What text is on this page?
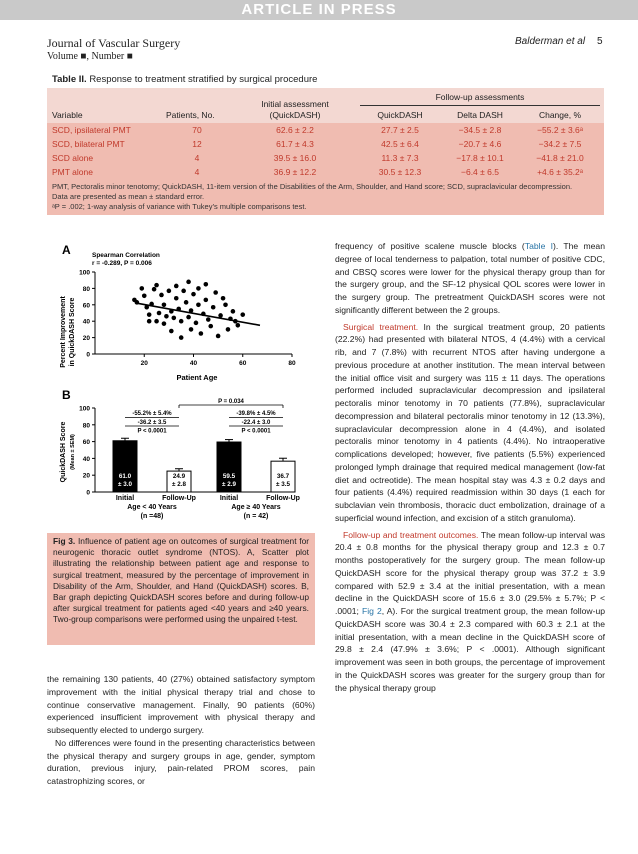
ARTICLE IN PRESS
Journal of Vascular Surgery
Volume ■, Number ■
Balderman et al 5
Table II. Response to treatment stratified by surgical procedure
Variable	Patients, No.
Initial assessment
(QuickDASH)
Follow-up assessments
QuickDASH	Delta DASH	Change, %
SCD, ipsilateral PMT	70	62.6 ± 2.2	27.7 ± 2.5	−34.5 ± 2.8	−55.2 ± 3.6ᵃ
SCD, bilateral PMT	12	61.7 ± 4.3	42.5 ± 6.4	−20.7 ± 4.6	−34.2 ± 7.5
SCD alone	4	39.5 ± 16.0	11.3 ± 7.3	−17.8 ± 10.1	−41.8 ± 21.0
PMT alone	4	36.9 ± 12.2	30.5 ± 12.3	−6.4 ± 6.5	+4.6 ± 35.2ᵃ
PMT, Pectoralis minor tenotomy; QuickDASH, 11-item version of the Disabilities of the Arm, Shoulder, and Hand score; SCD, supraclavicular decompression.
Data are presented as mean ± standard error.
ᵃP = .002; 1-way analysis of variance with Tukey’s multiple comparisons test.
A	Spearman Correlation
r = -0.289, P = 0.006
Percent Improvement in QuickDASH Score 0
20
40
60
80
100
20	40	60	80
Patient Age
B
QuickDASH Score (Mean ± SEM)
0
20
40
60
80
100
61.0
± 3.0
Initial
24.9
± 2.8
Follow-Up
59.5
± 2.9
Initial
36.7
± 3.5
Follow-Up
Age < 40 Years
(n =48)
-55.2% ± 5.4%
-36.2 ± 3.5
P < 0.0001
Age ≥ 40 Years
(n = 42)
-39.8% ± 4.5%
-22.4 ± 3.0
P < 0.0001
P = 0.034

Fig 3. Influence of patient age on outcomes of surgical treatment for neurogenic thoracic outlet syndrome (NTOS). A, Scatter plot illustrating the relationship between patient age and response to surgical treatment, measured by the percentage of improvement in Disability of the Arm, Shoulder, and Hand (QuickDASH) scores. B, Bar graph depicting QuickDASH scores before and during follow-up after surgical treatment for patients aged <40 years and ≥40 years. Two-group comparisons were performed using the unpaired t-test.

the remaining 130 patients, 40 (27%) obtained satisfactory symptom improvement with the initial physical therapy trial and chose to continue conservative management. Finally, 90 patients (60%) experienced insufficient improvement with physical therapy and subsequently elected to undergo surgery.

No differences were found in the presenting characteristics between the physical therapy and surgery groups in age, gender, symptom duration, previous injury, pain-related PROM scores, pain catastrophizing scores, or

frequency of positive scalene muscle blocks (Table I). The mean degree of local tenderness to palpation, total number of positive CDC, and CBSQ scores were lower for the physical therapy group than for the surgery group, and the SF-12 physical QOL scores were lower in the surgery group. The pretreatment QuickDASH scores were not significantly different between the 2 groups.

Surgical treatment. In the surgical treatment group, 20 patients (22.2%) had presented with bilateral NTOS, 4 (4.4%) with a cervical rib, and 7 (7.8%) with recurrent NTOS after having undergone a previous procedure at another institution. The mean interval between the initial office visit and surgery was 115 ± 11 days. The operations performed included supraclavicular decompression and ipsilateral pectoralis minor tenotomy in 70 patients (77.8%), supraclavicular decompression and bilateral pectoralis minor tenotomy in 12 (13.3%), supraclavicular decompression alone in 4 (4.4%), and isolated pectoralis minor tenotomy in 4 patients (4.4%). No intraoperative complications developed; however, five patients (5.5%) experienced prolonged lymph drainage that required medical management (low-fat diet and octreotide). The mean hospital stay was 4.3 ± 0.2 days and four patients (4.4%) required readmission within 30 days (1 each for subclavian vein thrombosis, thoracic duct embolization, drainage of a superficial wound infection, and excision of a stitch granuloma).

Follow-up and treatment outcomes. The mean follow-up interval was 20.4 ± 0.8 months for the physical therapy group and 12.3 ± 0.7 months postoperatively for the surgery group. The mean follow-up QuickDASH score for the physical therapy group was 37.2 ± 3.9 compared with 52.9 ± 3.4 at the initial presentation, with a mean decline in the QuickDASH score of 15.6 ± 3.0 (29.5% ± 5.7%; P < .0001; Fig 2, A). For the surgical treatment group, the mean follow-up QuickDASH score was 30.4 ± 2.3 compared with 60.3 ± 2.1 at the initial presentation, with a mean decline in the QuickDASH score of 29.8 ± 2.4 (47.9% ± 3.6%; P < .0001). Although significant improvement was seen in both groups, the percentage of improvement in the QuickDASH scores was greater for the surgery group than for the physical therapy group
